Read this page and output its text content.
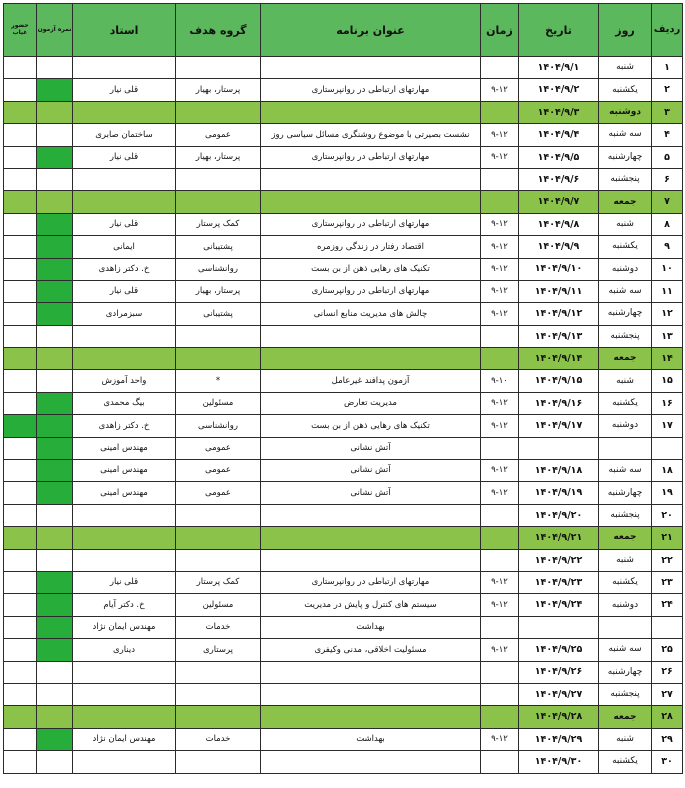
ردیف	روز	تاریخ	زمان	عنوان برنامه	گروه هدف	استاد	نمره آزمون	حضور غیاب
۱	شنبه	۱۴۰۴/۹/۱						
۲	یکشنبه	۱۴۰۴/۹/۲	۹-۱۲	مهارتهای ارتباطی در روانپرستاری	پرستار، بهیار	قلی نیار		
۳	دوشنبه	۱۴۰۴/۹/۳						
۴	سه شنبه	۱۴۰۴/۹/۴	۹-۱۲	نشست بصیرتی با موضوع روشنگری مسائل سیاسی روز	عمومی	ساختمان صابری		
۵	چهارشنبه	۱۴۰۴/۹/۵	۹-۱۲	مهارتهای ارتباطی در روانپرستاری	پرستار، بهیار	قلی نیار		
۶	پنجشنبه	۱۴۰۴/۹/۶						
۷	جمعه	۱۴۰۴/۹/۷						
۸	شنبه	۱۴۰۴/۹/۸	۹-۱۲	مهارتهای ارتباطی در روانپرستاری	کمک پرستار	قلی نیار		
۹	یکشنبه	۱۴۰۴/۹/۹	۹-۱۲	اقتصاد رفتار در زندگی روزمره	پشتیبانی	ایمانی		
۱۰	دوشنبه	۱۴۰۴/۹/۱۰	۹-۱۲	تکنیک های رهایی ذهن از بن بست	روانشناسی	خ. دکتر زاهدی		
۱۱	سه شنبه	۱۴۰۴/۹/۱۱	۹-۱۲	مهارتهای ارتباطی در روانپرستاری	پرستار، بهیار	قلی نیار		
۱۲	چهارشنبه	۱۴۰۴/۹/۱۲	۹-۱۲	چالش های مدیریت منابع انسانی	پشتیبانی	سبزمرادی		
۱۳	پنجشنبه	۱۴۰۴/۹/۱۳						
۱۴	جمعه	۱۴۰۴/۹/۱۴						
۱۵	شنبه	۱۴۰۴/۹/۱۵	۹-۱۰	آزمون پدافند غیرعامل	*	واحد آموزش		
۱۶	یکشنبه	۱۴۰۴/۹/۱۶	۹-۱۲	مدیریت تعارض	مسئولین	بیگ محمدی		
۱۷	دوشنبه	۱۴۰۴/۹/۱۷	۹-۱۲	تکنیک های رهایی ذهن از بن بست	روانشناسی	خ. دکتر زاهدی		
				آتش نشانی	عمومی	مهندس امینی		
۱۸	سه شنبه	۱۴۰۴/۹/۱۸	۹-۱۲	آتش نشانی	عمومی	مهندس امینی		
۱۹	چهارشنبه	۱۴۰۴/۹/۱۹	۹-۱۲	آتش نشانی	عمومی	مهندس امینی		
۲۰	پنجشنبه	۱۴۰۴/۹/۲۰						
۲۱	جمعه	۱۴۰۴/۹/۲۱						
۲۲	شنبه	۱۴۰۴/۹/۲۲						
۲۳	یکشنبه	۱۴۰۴/۹/۲۳	۹-۱۲	مهارتهای ارتباطی در روانپرستاری	کمک پرستار	قلی نیار		
۲۴	دوشنبه	۱۴۰۴/۹/۲۴	۹-۱۲	سیستم های کنترل و پایش در مدیریت	مسئولین	خ. دکتر آیام		
				بهداشت	خدمات	مهندس ایمان نژاد		
۲۵	سه شنبه	۱۴۰۴/۹/۲۵	۹-۱۲	مسئولیت اخلاقی، مدنی وکیفری	پرستاری	دیناری		
۲۶	چهارشنبه	۱۴۰۴/۹/۲۶						
۲۷	پنجشنبه	۱۴۰۴/۹/۲۷						
۲۸	جمعه	۱۴۰۴/۹/۲۸						
۲۹	شنبه	۱۴۰۴/۹/۲۹	۹-۱۲	بهداشت	خدمات	مهندس ایمان نژاد		
۳۰	یکشنبه	۱۴۰۴/۹/۳۰						
